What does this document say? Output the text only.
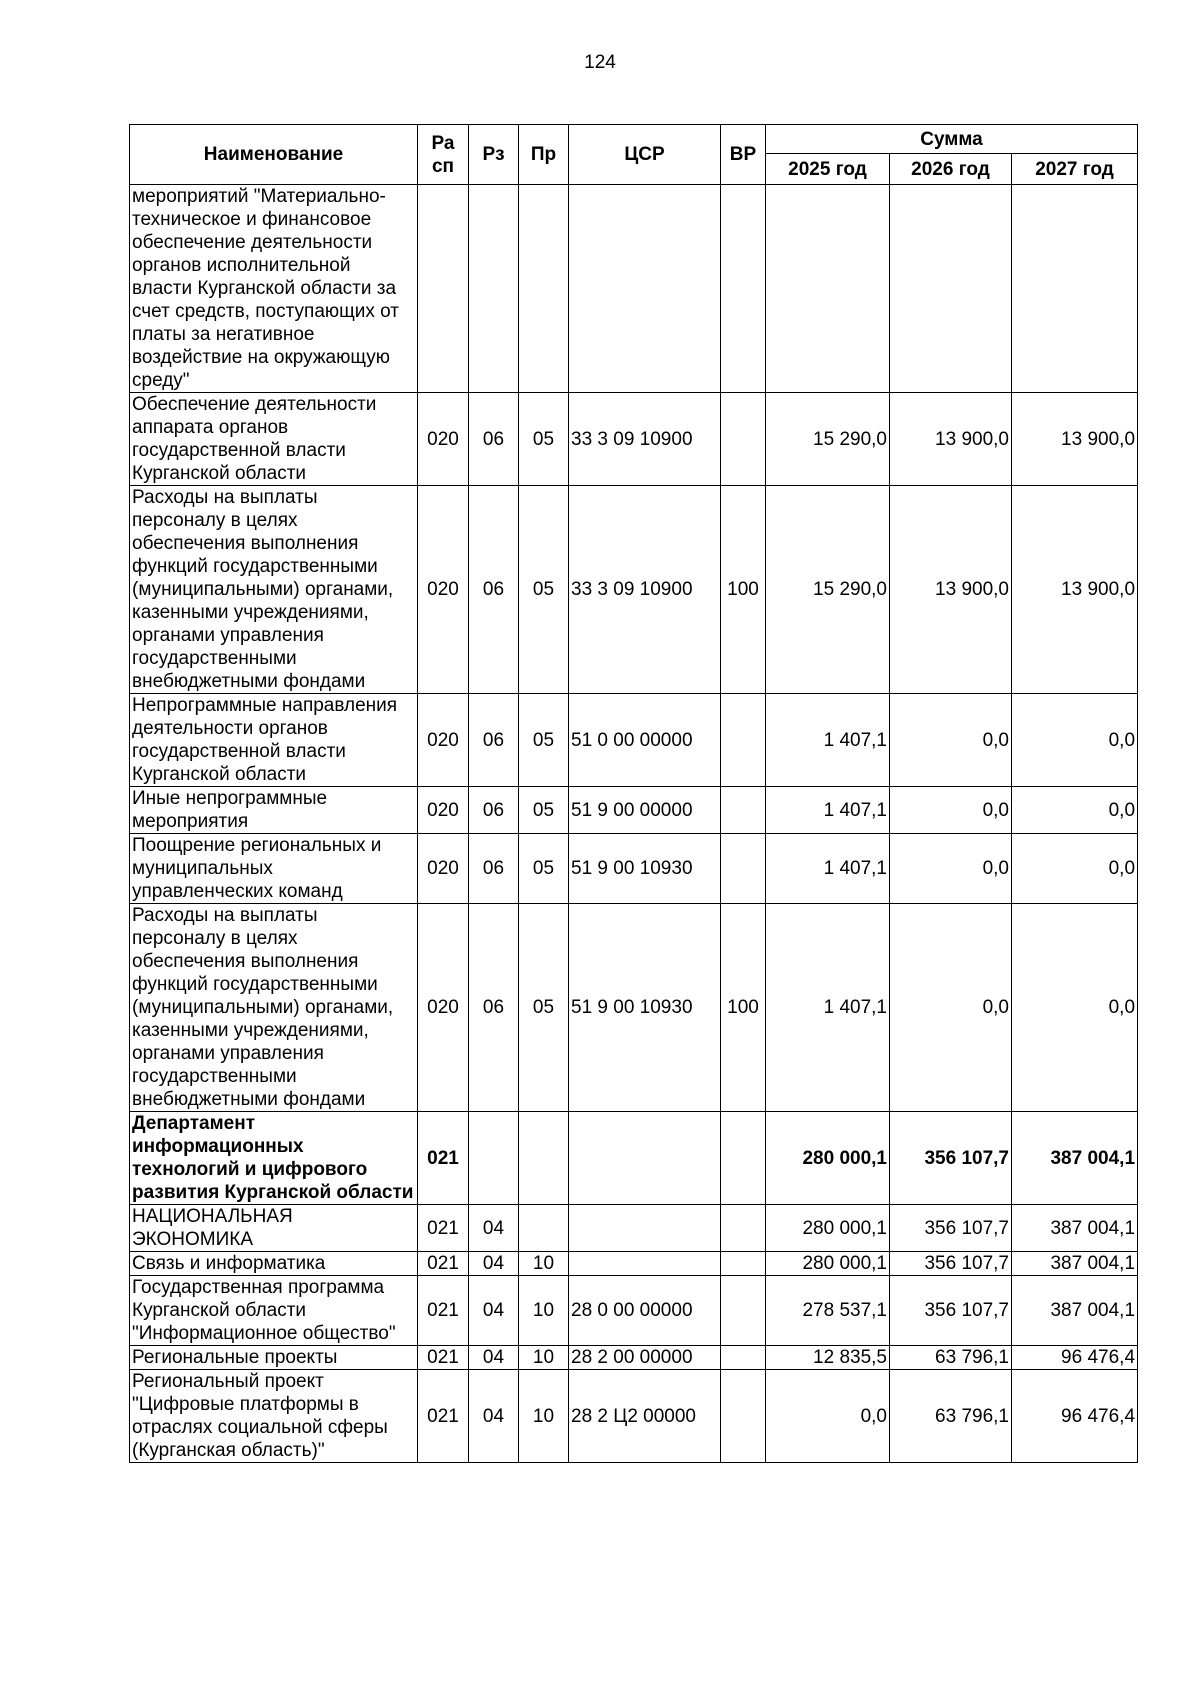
124
Наименование	Ра сп	Рз	Пр	ЦСР	ВР	Сумма		
						2025 год	2026 год	2027 год
мероприятий "Материально-техническое и финансовое обеспечение деятельности органов исполнительной власти Курганской области за счет средств, поступающих от платы за негативное воздействие на окружающую среду"								
Обеспечение деятельности аппарата органов государственной власти Курганской области	020	06	05	33 3 09 10900		15 290,0	13 900,0	13 900,0
Расходы на выплаты персоналу в целях обеспечения выполнения функций государственными (муниципальными) органами, казенными учреждениями, органами управления государственными внебюджетными фондами	020	06	05	33 3 09 10900	100	15 290,0	13 900,0	13 900,0
Непрограммные направления деятельности органов государственной власти Курганской области	020	06	05	51 0 00 00000		1 407,1	0,0	0,0
Иные непрограммные мероприятия	020	06	05	51 9 00 00000		1 407,1	0,0	0,0
Поощрение региональных и муниципальных управленческих команд	020	06	05	51 9 00 10930		1 407,1	0,0	0,0
Расходы на выплаты персоналу в целях обеспечения выполнения функций государственными (муниципальными) органами, казенными учреждениями, органами управления государственными внебюджетными фондами	020	06	05	51 9 00 10930	100	1 407,1	0,0	0,0
Департамент информационных технологий и цифрового развития Курганской области	021					280 000,1	356 107,7	387 004,1
НАЦИОНАЛЬНАЯ ЭКОНОМИКА	021	04				280 000,1	356 107,7	387 004,1
Связь и информатика	021	04	10			280 000,1	356 107,7	387 004,1
Государственная программа Курганской области "Информационное общество"	021	04	10	28 0 00 00000		278 537,1	356 107,7	387 004,1
Региональные проекты	021	04	10	28 2 00 00000		12 835,5	63 796,1	96 476,4
Региональный проект "Цифровые платформы в отраслях социальной сферы (Курганская область)"	021	04	10	28 2 Ц2 00000		0,0	63 796,1	96 476,4
